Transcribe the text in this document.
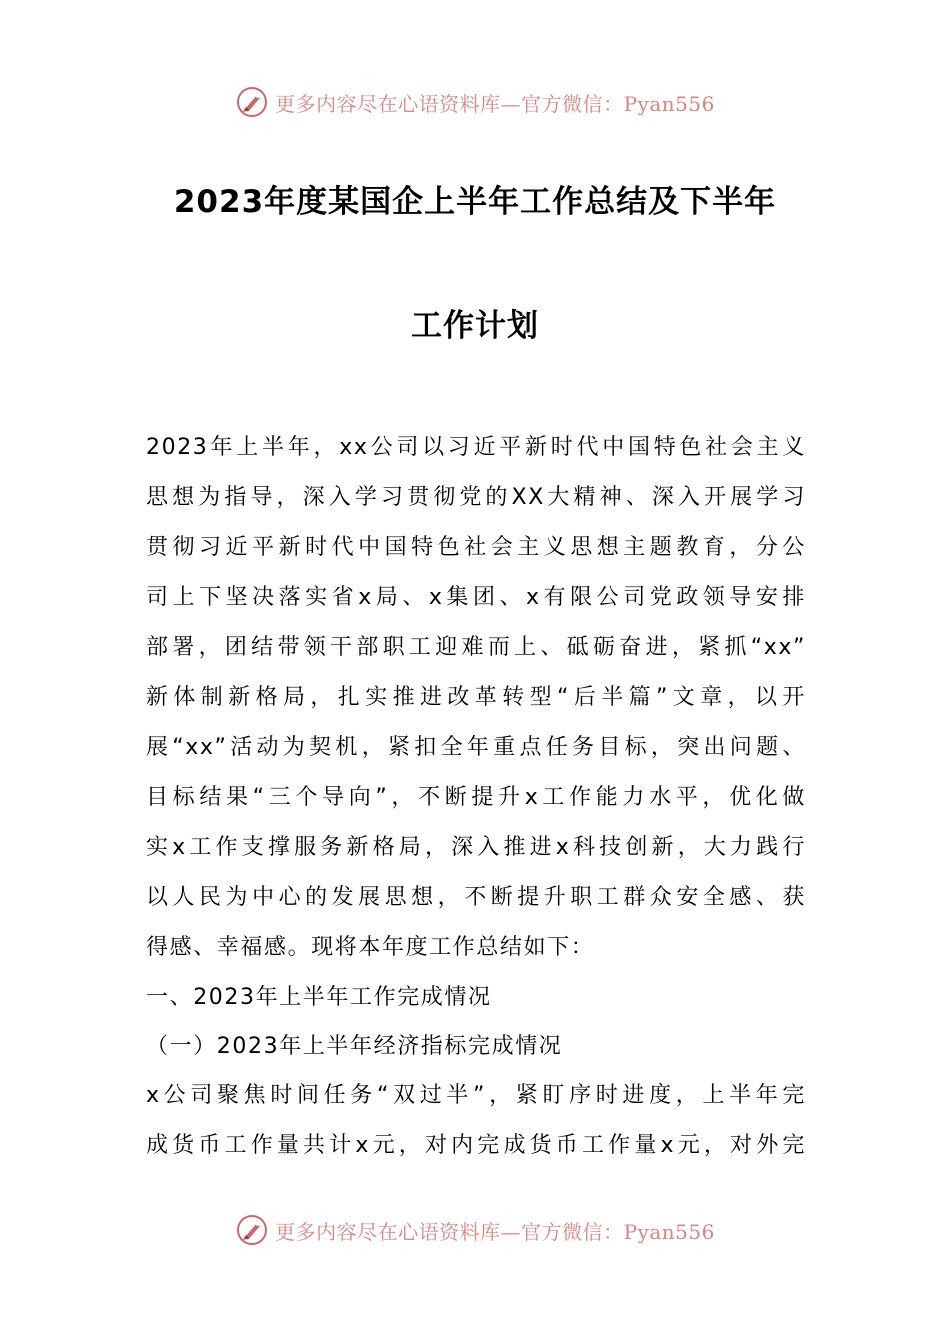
更多内容尽在心语资料库—官方微信：Pyan556
2023年度某国企上半年工作总结及下半年
工作计划
2023年上半年，xx公司以习近平新时代中国特色社会主义
思想为指导，深入学习贯彻党的XX大精神、深入开展学习
贯彻习近平新时代中国特色社会主义思想主题教育，分公
司上下坚决落实省x局、x集团、x有限公司党政领导安排
部署，团结带领干部职工迎难而上、砥砺奋进，紧抓“xx”
新体制新格局，扎实推进改革转型“后半篇”文章，以开
展“xx”活动为契机，紧扣全年重点任务目标，突出问题、
目标结果“三个导向”，不断提升x工作能力水平，优化做
实x工作支撑服务新格局，深入推进x科技创新，大力践行
以人民为中心的发展思想，不断提升职工群众安全感、获
得感、幸福感。现将本年度工作总结如下：
一、2023年上半年工作完成情况
（一）2023年上半年经济指标完成情况
x公司聚焦时间任务“双过半”，紧盯序时进度，上半年完
成货币工作量共计x元，对内完成货币工作量x元，对外完
更多内容尽在心语资料库—官方微信：Pyan556
